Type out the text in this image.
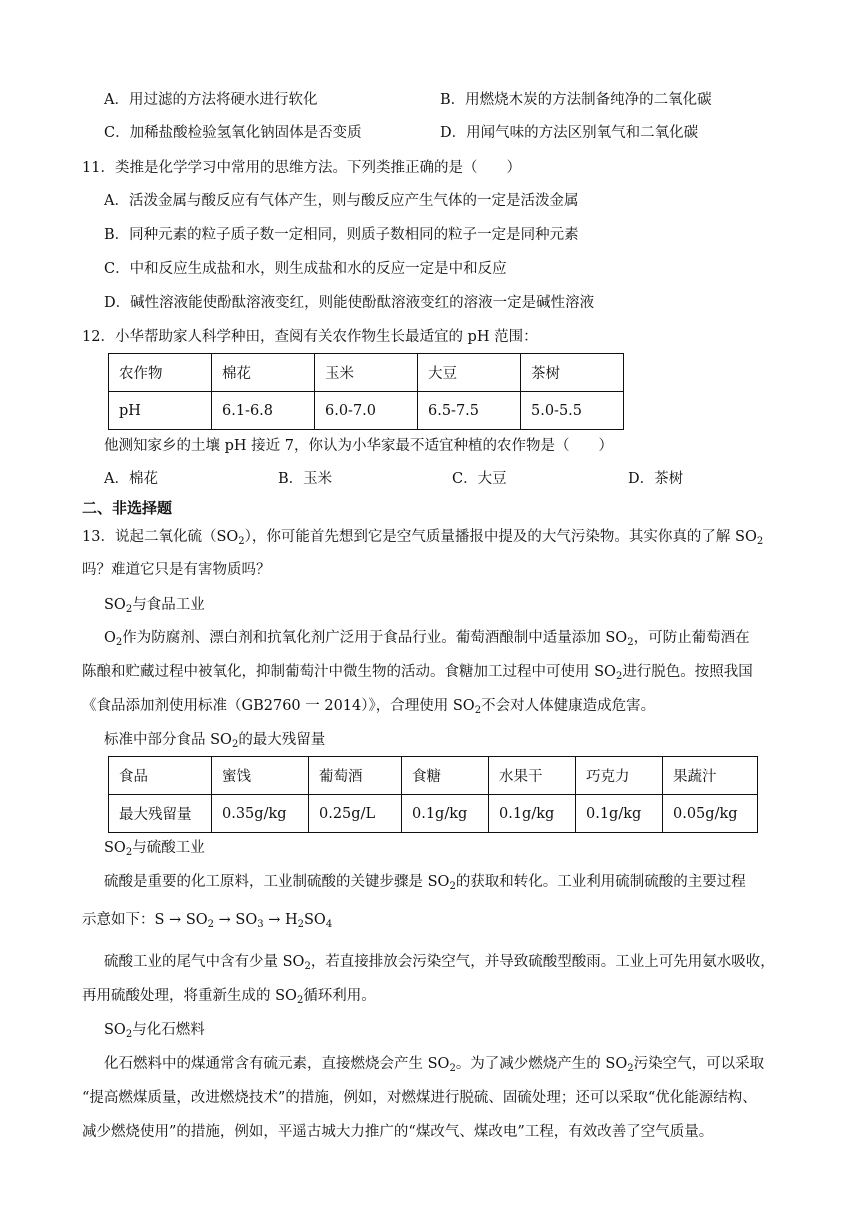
A．用过滤的方法将硬水进行软化	B．用燃烧木炭的方法制备纯净的二氧化碳
C．加稀盐酸检验氢氧化钠固体是否变质	D．用闻气味的方法区别氧气和二氧化碳
11．类推是化学学习中常用的思维方法。下列类推正确的是（　　）
A．活泼金属与酸反应有气体产生，则与酸反应产生气体的一定是活泼金属
B．同种元素的粒子质子数一定相同，则质子数相同的粒子一定是同种元素
C．中和反应生成盐和水，则生成盐和水的反应一定是中和反应
D．碱性溶液能使酚酞溶液变红，则能使酚酞溶液变红的溶液一定是碱性溶液
12．小华帮助家人科学种田，查阅有关农作物生长最适宜的 pH 范围：
农作物	棉花	玉米	大豆	茶树
pH	6.1-6.8	6.0-7.0	6.5-7.5	5.0-5.5
他测知家乡的土壤 pH 接近 7，你认为小华家最不适宜种植的农作物是（　　）
A．棉花	B．玉米	C．大豆	D．茶树
二、非选择题
13．说起二氧化硫$(SO_2)$，你可能首先想到它是空气质量播报中提及的大气污染物。其实你真的了解 $SO_2$
吗？难道它只是有害物质吗？
$SO_2$与食品工业
$O_2$作为防腐剂、漂白剂和抗氧化剂广泛用于食品行业。葡萄酒酿制中适量添加 $SO_2$，可防止葡萄酒在
陈酿和贮藏过程中被氧化，抑制葡萄汁中微生物的活动。食糖加工过程中可使用 $SO_2$进行脱色。按照我国
《食品添加剂使用标准（GB2760 一 2014）》，合理使用 $SO_2$不会对人体健康造成危害。
标准中部分食品 $SO_2$的最大残留量
食品	蜜饯	葡萄酒	食糖	水果干	巧克力	果蔬汁
最大残留量	0.35g/kg	0.25g/L	0.1g/kg	0.1g/kg	0.1g/kg	0.05g/kg
$SO_2$与硫酸工业
硫酸是重要的化工原料，工业制硫酸的关键步骤是 $SO_2$的获取和转化。工业利用硫制硫酸的主要过程
示意如下：$S \to SO_2 \to SO_3 \to H_2SO_4$
硫酸工业的尾气中含有少量 $SO_2$，若直接排放会污染空气，并导致硫酸型酸雨。工业上可先用氨水吸收，
再用硫酸处理，将重新生成的 $SO_2$循环利用。
$SO_2$与化石燃料
化石燃料中的煤通常含有硫元素，直接燃烧会产生 $SO_2$。为了减少燃烧产生的 $SO_2$污染空气，可以采取
“提高燃煤质量，改进燃烧技术”的措施，例如，对燃煤进行脱硫、固硫处理；还可以采取“优化能源结构、
减少燃烧使用”的措施，例如，平遥古城大力推广的“煤改气、煤改电”工程，有效改善了空气质量。
